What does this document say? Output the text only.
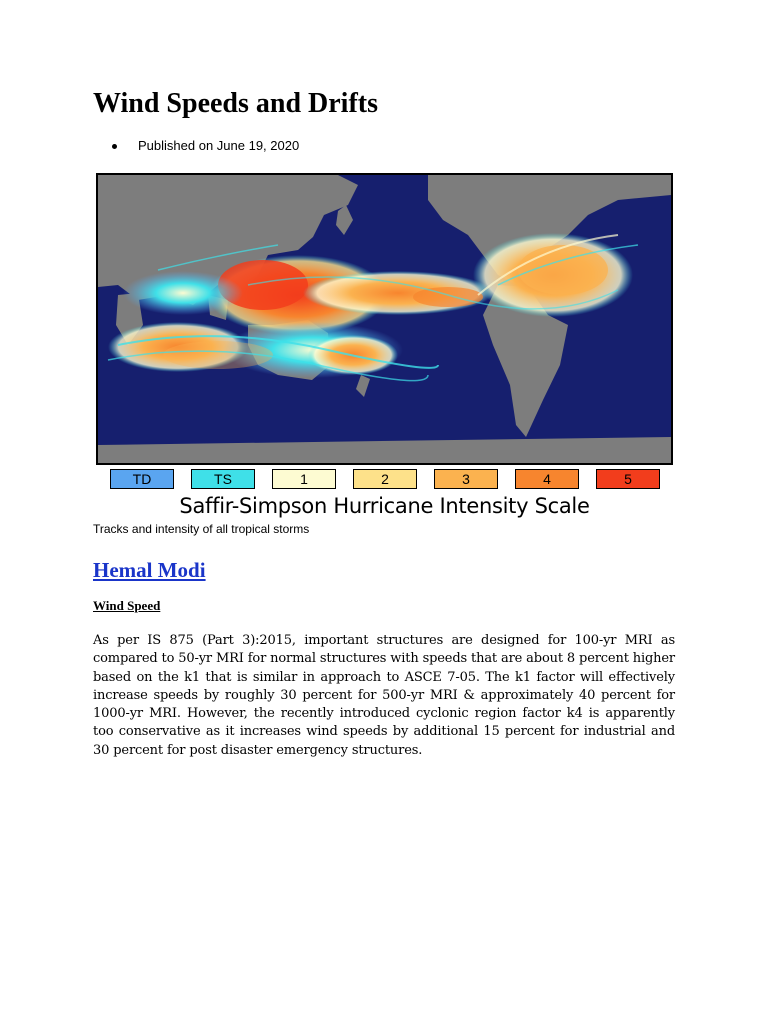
Wind Speeds and Drifts
Published on June 19, 2020
TD	TS	1	2	3	4	5
Saffir-Simpson Hurricane Intensity Scale
Tracks and intensity of all tropical storms
Hemal Modi
Wind Speed

As per IS 875 (Part 3):2015, important structures are designed for 100-yr MRI as compared to 50-yr MRI for normal structures with speeds that are about 8 percent higher based on the k1 that is similar in approach to ASCE 7-05. The k1 factor will effectively increase speeds by roughly 30 percent for 500-yr MRI & approximately 40 percent for 1000-yr MRI. However, the recently introduced cyclonic region factor k4 is apparently too conservative as it increases wind speeds by additional 15 percent for industrial and 30 percent for post disaster emergency structures.
